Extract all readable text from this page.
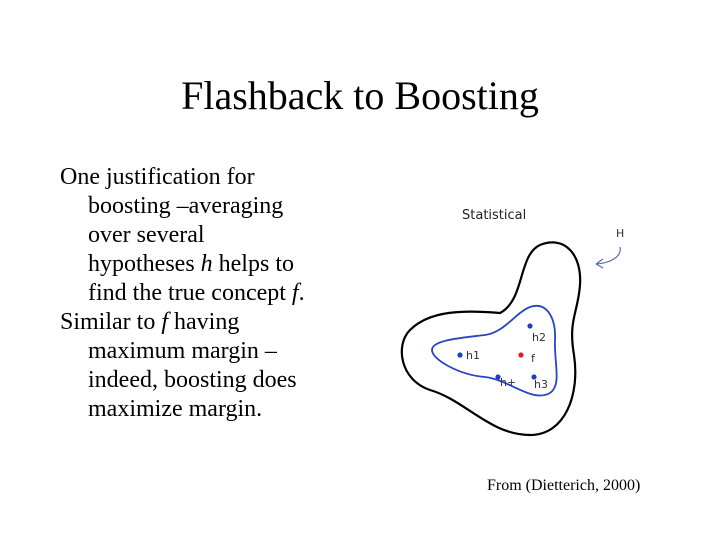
Flashback to Boosting

One justification for
boosting –averaging
over several
hypotheses h helps to
find the true concept f.

Similar to f having
maximum margin –
indeed, boosting does
maximize margin.

Statistical
H
h1
h2
h3
h+
f
From (Dietterich, 2000)
